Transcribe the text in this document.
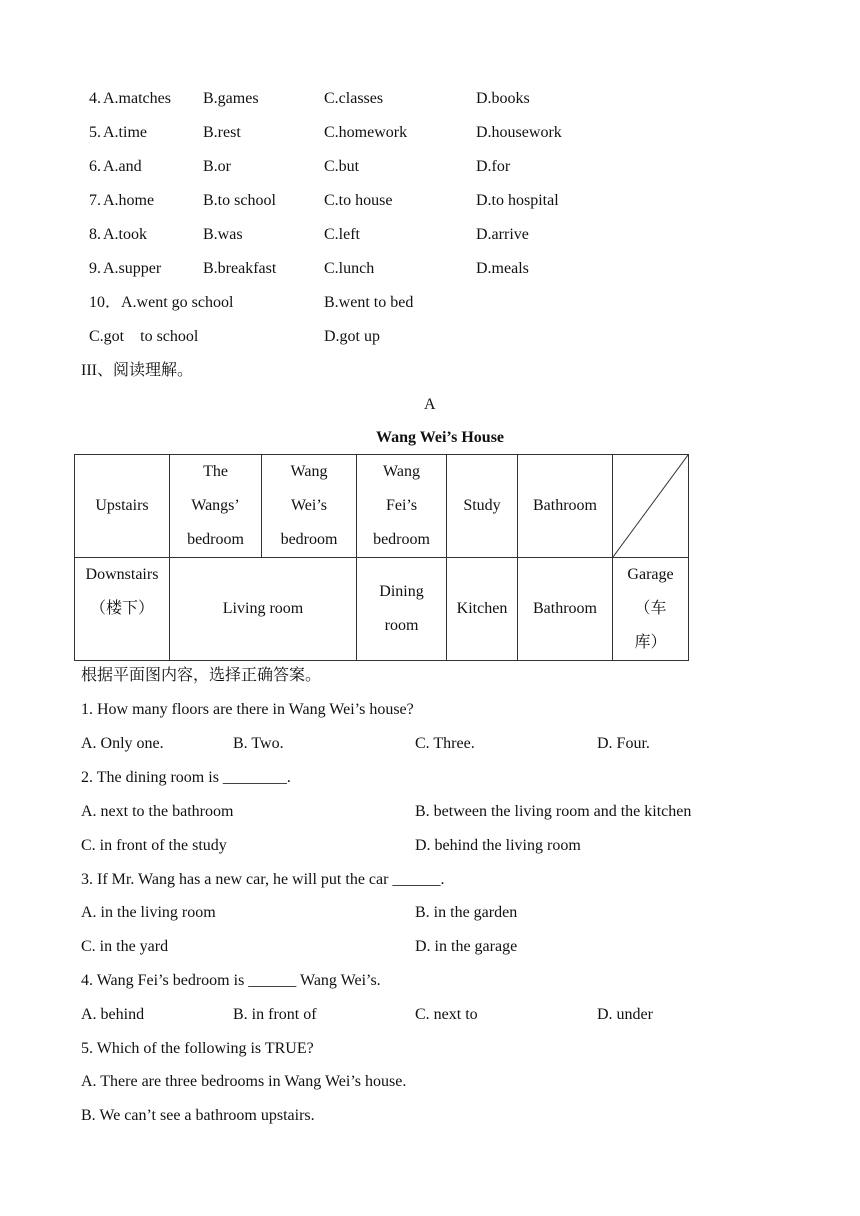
4. A.matches B.games	C.classes	D.books
5. A.time	B.rest	C.homework	D.housework
6. A.and	B.or	C.but	D.for
7. A.home	B.to school	C.to house	D.to hospital
8. A.took	B.was	C.left	D.arrive
9. A.supper	B.breakfast	C.lunch	D.meals
10．A.went go school	B.went to bed
C.got    to school	D.got up
III、阅读理解。
A
Wang Wei’s House
Upstairs	The
Wangs’
bedroom	Wang
Wei’s
bedroom	Wang
Fei’s
bedroom	Study	Bathroom	

Downstairs
（楼下）	Living room		Dining
room	Kitchen	Bathroom	Garage
（车
库）
根据平面图内容，选择正确答案。
1. How many floors are there in Wang Wei’s house?
A. Only one.	B. Two.	C. Three.	D. Four.
2. The dining room is ________.
A. next to the bathroom	B. between the living room and the kitchen
C. in front of the study	D. behind the living room
3. If Mr. Wang has a new car, he will put the car ______.
A. in the living room	B. in the garden
C. in the yard	D. in the garage
4. Wang Fei’s bedroom is ______ Wang Wei’s.
A. behind	B. in front of	C. next to	D. under
5. Which of the following is TRUE?
A. There are three bedrooms in Wang Wei’s house.
B. We can’t see a bathroom upstairs.
